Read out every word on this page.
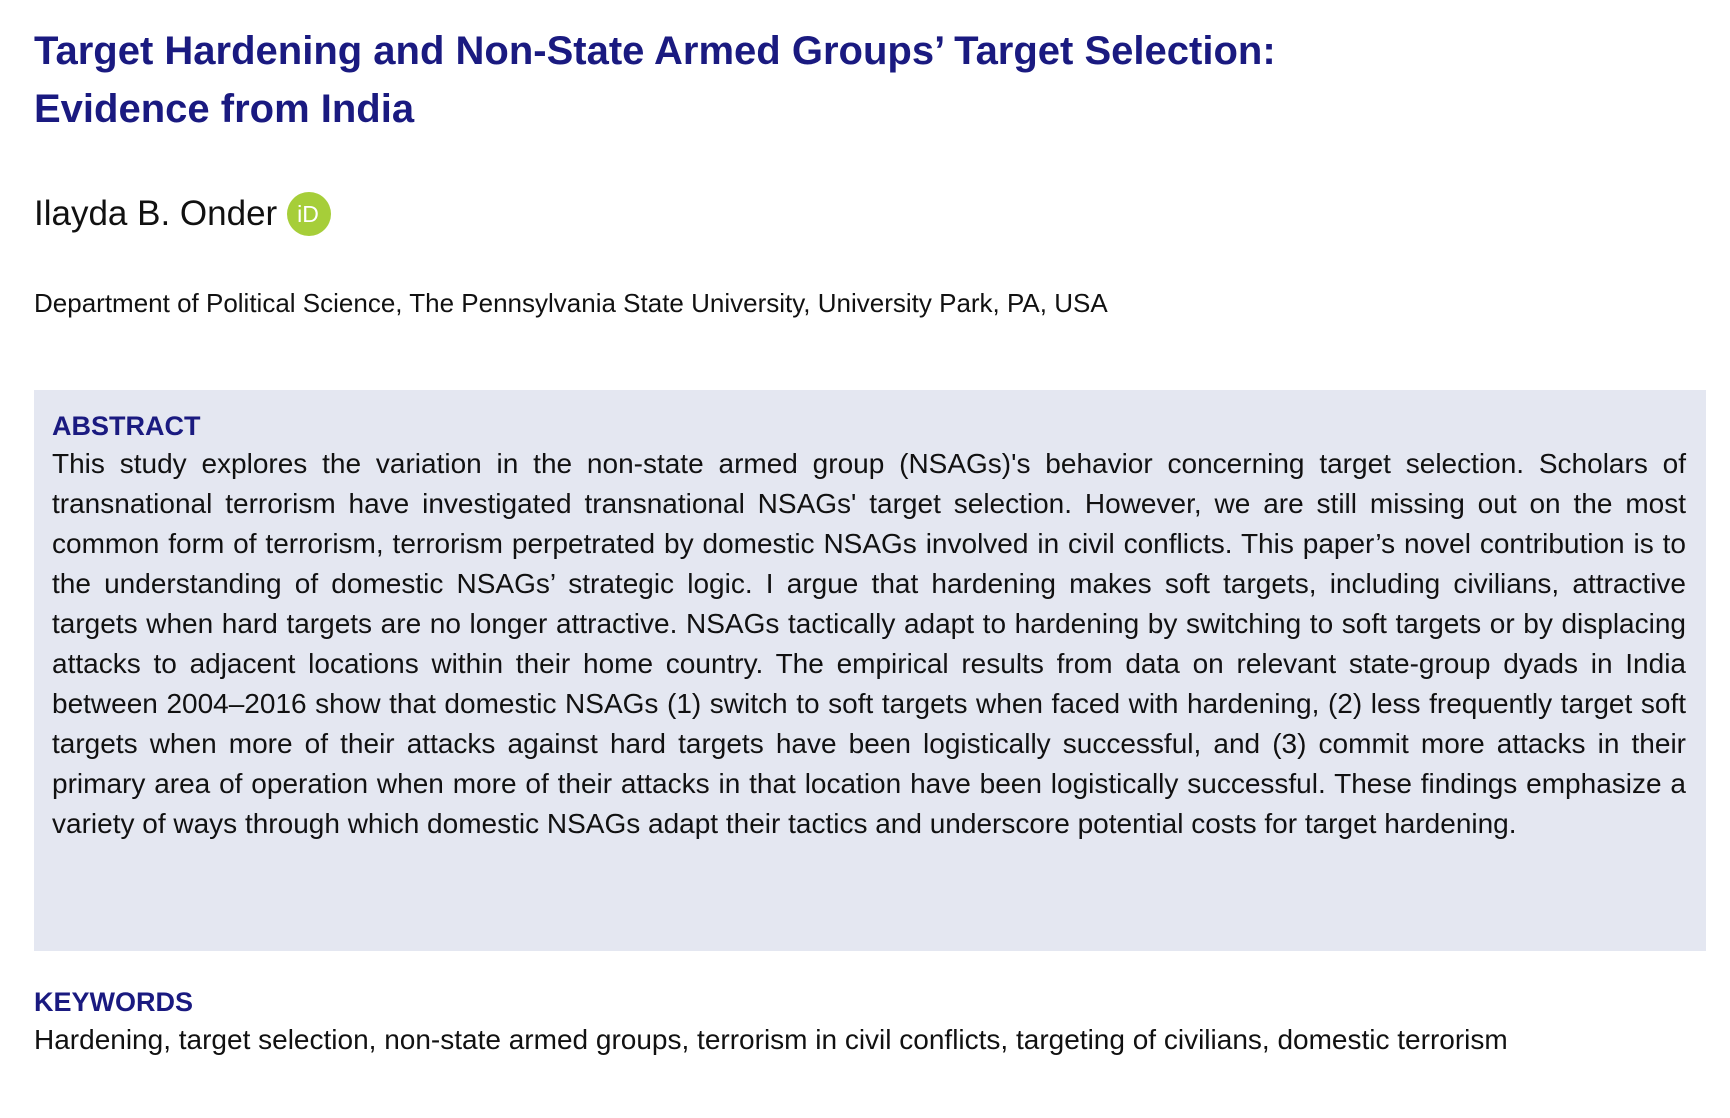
Target Hardening and Non-State Armed Groups’ Target Selection:
Evidence from India
Ilayda B. Onder iD
Department of Political Science, The Pennsylvania State University, University Park, PA, USA
ABSTRACT

This study explores the variation in the non-state armed group (NSAGs)'s behavior concerning target selection. Scholars of transnational terrorism have investigated transnational NSAGs' target selection. However, we are still missing out on the most common form of terrorism, terrorism perpetrated by domestic NSAGs involved in civil conflicts. This paper’s novel contribution is to the understanding of domestic NSAGs’ strategic logic. I argue that hardening makes soft targets, including civilians, attractive targets when hard targets are no longer attractive. NSAGs tactically adapt to hardening by switching to soft targets or by displacing attacks to adjacent locations within their home country. The empirical results from data on relevant state-group dyads in India between 2004–2016 show that domestic NSAGs (1) switch to soft targets when faced with hardening, (2) less frequently target soft targets when more of their attacks against hard targets have been logistically successful, and (3) commit more attacks in their primary area of operation when more of their attacks in that location have been logistically successful. These findings emphasize a variety of ways through which domestic NSAGs adapt their tactics and underscore potential costs for target hardening.

KEYWORDS

Hardening, target selection, non-state armed groups, terrorism in civil conflicts, targeting of civilians, domestic terrorism
